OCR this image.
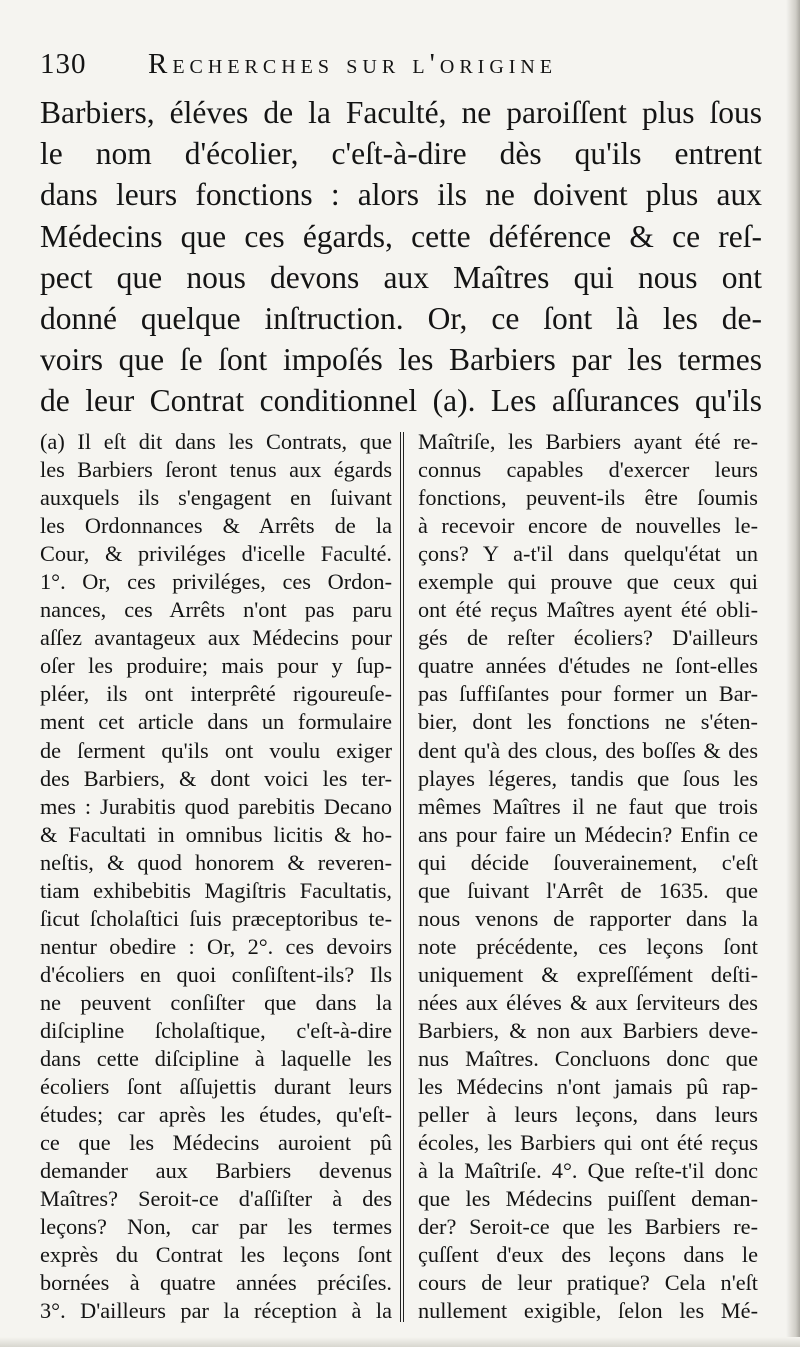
130 Recherches sur l'origine
Barbiers, éléves de la Faculté, ne paroiſſent plus ſous
le nom d'écolier, c'eſt-à-dire dès qu'ils entrent
dans leurs fonctions : alors ils ne doivent plus aux
Médecins que ces égards, cette déférence & ce reſ-
pect que nous devons aux Maîtres qui nous ont
donné quelque inſtruction. Or, ce ſont là les de-
voirs que ſe ſont impoſés les Barbiers par les termes
de leur Contrat conditionnel (a). Les aſſurances qu'ils
(a) Il eſt dit dans les Contrats, que
les Barbiers ſeront tenus aux égards
auxquels ils s'engagent en ſuivant
les Ordonnances & Arrêts de la
Cour, & priviléges d'icelle Faculté.
1°. Or, ces priviléges, ces Ordon-
nances, ces Arrêts n'ont pas paru
aſſez avantageux aux Médecins pour
oſer les produire; mais pour y ſup-
pléer, ils ont interprêté rigoureuſe-
ment cet article dans un formulaire
de ſerment qu'ils ont voulu exiger
des Barbiers, & dont voici les ter-
mes : Jurabitis quod parebitis Decano
& Facultati in omnibus licitis & ho-
neſtis, & quod honorem & reveren-
tiam exhibebitis Magiſtris Facultatis,
ſicut ſcholaſtici ſuis præceptoribus te-
nentur obedire : Or, 2°. ces devoirs
d'écoliers en quoi conſiſtent-ils? Ils
ne peuvent conſiſter que dans la
diſcipline ſcholaſtique, c'eſt-à-dire
dans cette diſcipline à laquelle les
écoliers ſont aſſujettis durant leurs
études; car après les études, qu'eſt-
ce que les Médecins auroient pû
demander aux Barbiers devenus
Maîtres? Seroit-ce d'aſſiſter à des
leçons? Non, car par les termes
exprès du Contrat les leçons ſont
bornées à quatre années préciſes.
3°. D'ailleurs par la réception à la
Maîtriſe, les Barbiers ayant été re-
connus capables d'exercer leurs
fonctions, peuvent-ils être ſoumis
à recevoir encore de nouvelles le-
çons? Y a-t'il dans quelqu'état un
exemple qui prouve que ceux qui
ont été reçus Maîtres ayent été obli-
gés de reſter écoliers? D'ailleurs
quatre années d'études ne ſont-elles
pas ſuffiſantes pour former un Bar-
bier, dont les fonctions ne s'éten-
dent qu'à des clous, des boſſes & des
playes légeres, tandis que ſous les
mêmes Maîtres il ne faut que trois
ans pour faire un Médecin? Enfin ce
qui décide ſouverainement, c'eſt
que ſuivant l'Arrêt de 1635. que
nous venons de rapporter dans la
note précédente, ces leçons ſont
uniquement & expreſſément deſti-
nées aux éléves & aux ſerviteurs des
Barbiers, & non aux Barbiers deve-
nus Maîtres. Concluons donc que
les Médecins n'ont jamais pû rap-
peller à leurs leçons, dans leurs
écoles, les Barbiers qui ont été reçus
à la Maîtriſe. 4°. Que reſte-t'il donc
que les Médecins puiſſent deman-
der? Seroit-ce que les Barbiers re-
çuſſent d'eux des leçons dans le
cours de leur pratique? Cela n'eſt
nullement exigible, ſelon les Mé-
